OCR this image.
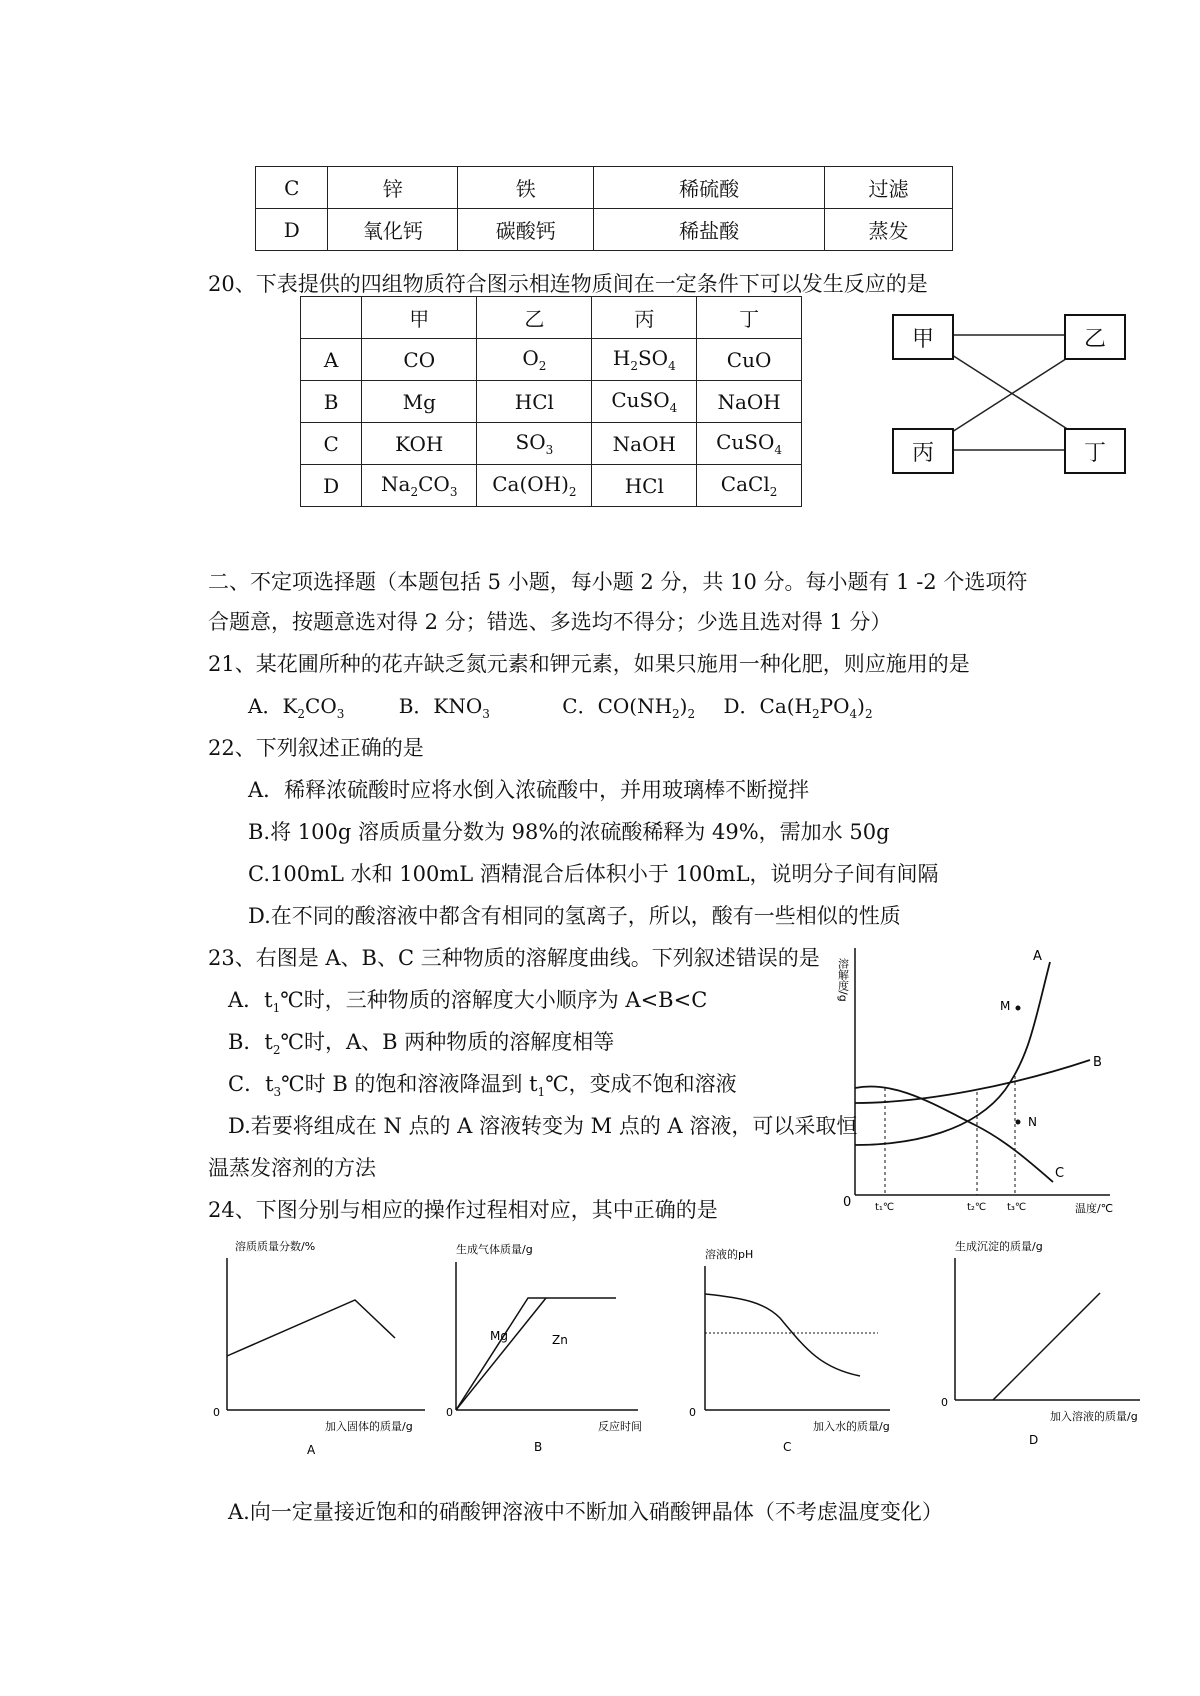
C	锌	铁	稀硫酸	过滤
D	氧化钙	碳酸钙	稀盐酸	蒸发
20、下表提供的四组物质符合图示相连物质间在一定条件下可以发生反应的是
	甲	乙	丙	丁
A	CO	$O_2$	$H_2SO_4$	CuO
B	Mg	HCl	CuSO$_4$	NaOH
C	KOH	$SO_3$	NaOH	CuSO$_4$
D	$Na_2CO_3$	$Ca(OH)_2$	HCl	CaCl$_2$
甲	乙
丙	丁
二、不定项选择题（本题包括 5 小题，每小题 2 分，共 10 分。每小题有 1 -2 个选项符
合题意，按题意选对得 2 分；错选、多选均不得分；少选且选对得 1 分）
21、某花圃所种的花卉缺乏氮元素和钾元素，如果只施用一种化肥，则应施用的是
A．$K_2CO_3$	B．$KNO_3$	C．$CO(NH_2)_2$ D．$Ca(H_2PO_4)_2$
22、下列叙述正确的是
A．稀释浓硫酸时应将水倒入浓硫酸中，并用玻璃棒不断搅拌
B.将 100g 溶质质量分数为 98%的浓硫酸稀释为 49%，需加水 50g
C.100mL 水和 100mL 酒精混合后体积小于 100mL，说明分子间有间隔
D.在不同的酸溶液中都含有相同的氢离子，所以，酸有一些相似的性质
23、右图是 A、B、C 三种物质的溶解度曲线。下列叙述错误的是
A．$t_1℃$时，三种物质的溶解度大小顺序为 A<B<C
B．$t_2℃$时，A、B 两种物质的溶解度相等
C．$t_3℃$时 B 的饱和溶液降温到 $t_1℃$，变成不饱和溶液
D.若要将组成在 N 点的 A 溶液转变为 M 点的 A 溶液，可以采取恒
温蒸发溶剂的方法
溶解度/g
0	温度/℃
A
B
C
M
N
t₁℃	t₂℃ t₃℃
24、下图分别与相应的操作过程相对应，其中正确的是
溶质质量分数/%
0
加入固体的质量/g
A
生成气体质量/g
0
反应时间
Mg	Zn
B
溶液的pH
0
加入水的质量/g
C
生成沉淀的质量/g
0
加入溶液的质量/g
D
A.向一定量接近饱和的硝酸钾溶液中不断加入硝酸钾晶体（不考虑温度变化）
